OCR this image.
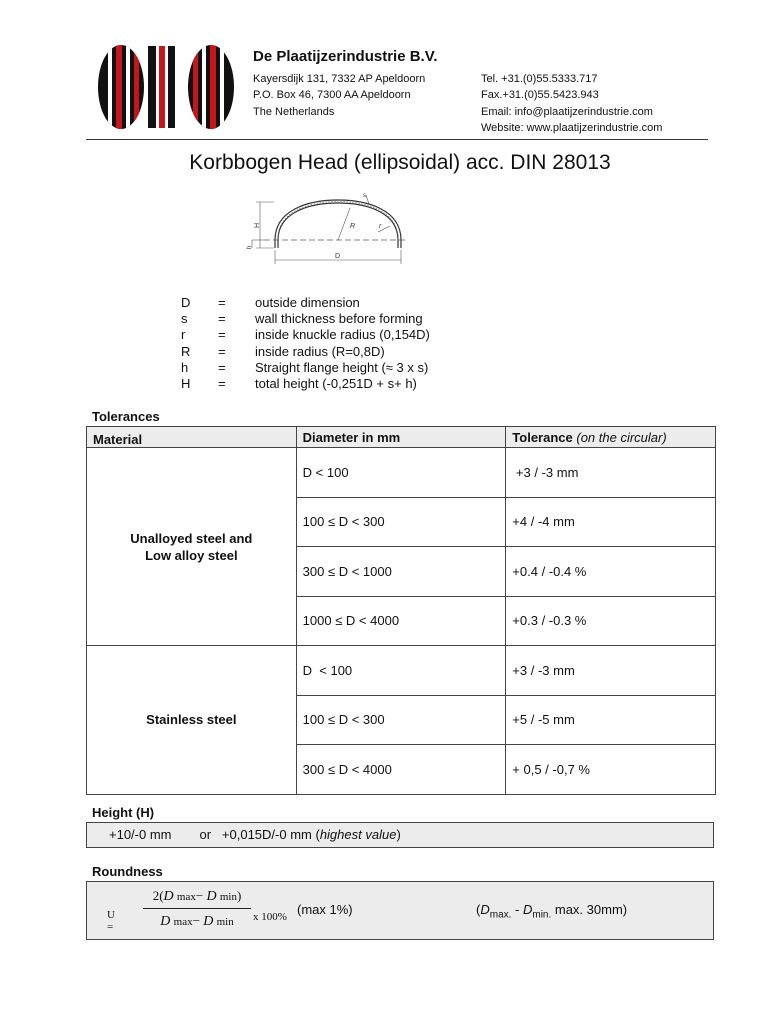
De Plaatijzerindustrie B.V.
Kayersdijk 131, 7332 AP Apeldoorn
P.O. Box 46, 7300 AA Apeldoorn
The Netherlands
Tel. +31.(0)55.5333.717
Fax.+31.(0)55.5423.943
Email: info@plaatijzerindustrie.com
Website: www.plaatijzerindustrie.com
Korbbogen Head (ellipsoidal) acc. DIN 28013
H
h
D
R	r
s
D	=	outside dimension
s	=	wall thickness before forming
r	=	inside knuckle radius (0,154D)
R	=	inside radius (R=0,8D)
h	=	Straight flange height (≈ 3 x s)
H	=	total height (-0,251D + s+ h)
Tolerances
Material	Diameter in mm	Tolerance (on the circular)

Unalloyed steel and
Low alloy steel	D < 100	+3 / -3 mm
	100 ≤ D < 300	+4 / -4 mm
	300 ≤ D < 1000	+0.4 / -0.4 %
	1000 ≤ D < 4000	+0.3 / -0.3 %

Stainless steel	D  < 100	+3 / -3 mm
	100 ≤ D < 300	+5 / -5 mm
	300 ≤ D < 4000	+ 0,5 / -0,7 %
Height (H)
+10/-0 mm or +0,015D/-0 mm (highest value)
Roundness
U =
2(D max− D min)
D max− D min	x 100% (max 1%)	($D_{max.} - D_{min.}$ max. 30mm)
